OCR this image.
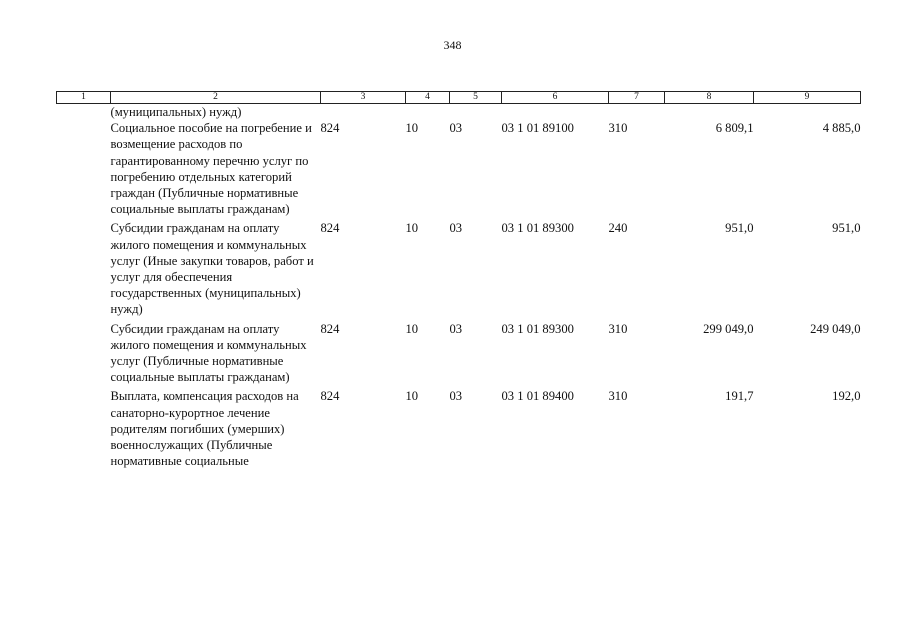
348
1	2	3	4	5	6	7	8	9
	(муниципальных) нужд)							
	Социальное пособие на погребение и возмещение расходов по гарантированному перечню услуг по погребению отдельных категорий граждан (Публичные нормативные социальные выплаты гражданам)	824	10	03	03 1 01 89100	310	6 809,1	4 885,0
	Субсидии гражданам на оплату жилого помещения и коммунальных услуг (Иные закупки товаров, работ и услуг для обеспечения государственных (муниципальных) нужд)	824	10	03	03 1 01 89300	240	951,0	951,0
	Субсидии гражданам на оплату жилого помещения и коммунальных услуг (Публичные нормативные социальные выплаты гражданам)	824	10	03	03 1 01 89300	310	299 049,0	249 049,0
	Выплата, компенсация расходов на санаторно-курортное лечение родителям погибших (умерших) военнослужащих (Публичные нормативные социальные	824	10	03	03 1 01 89400	310	191,7	192,0
